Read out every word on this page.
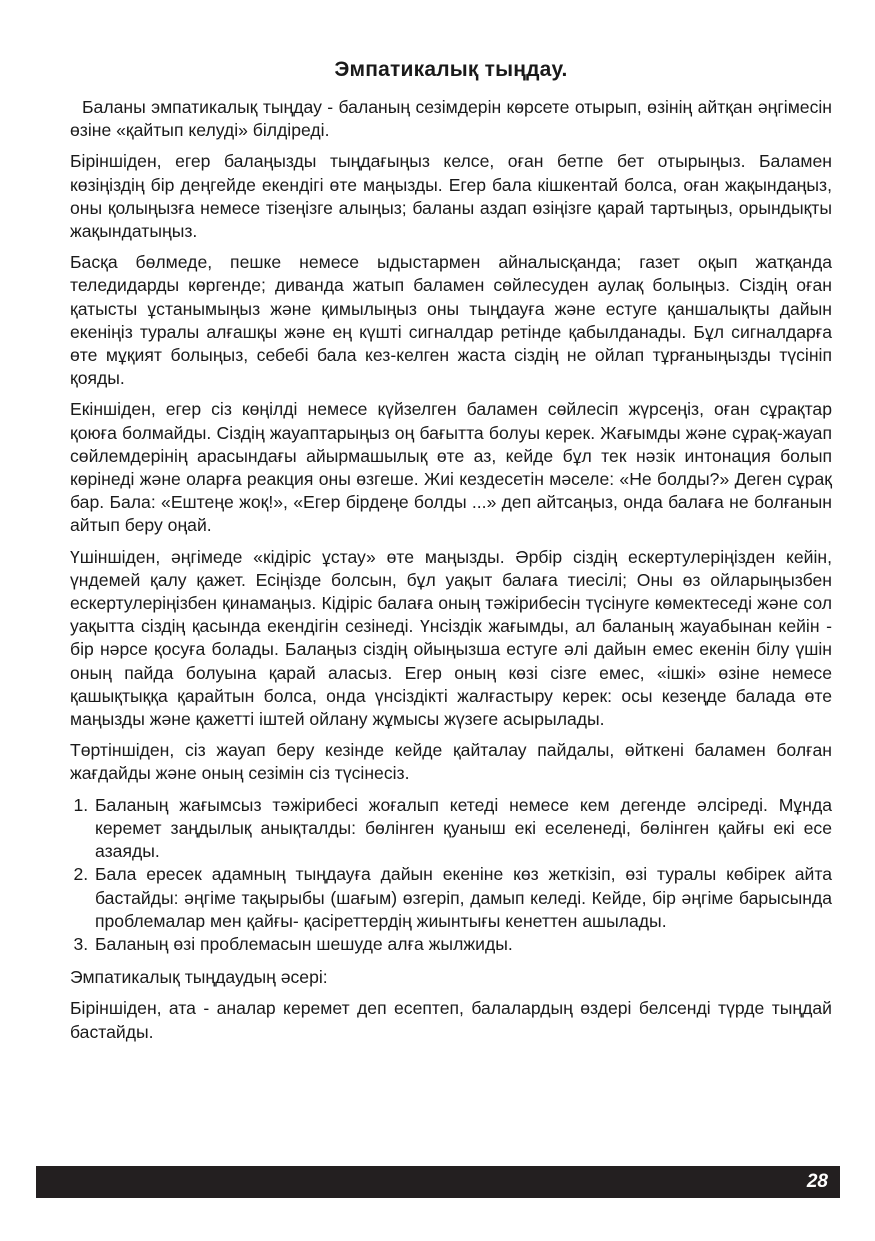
Эмпатикалық тыңдау.

Баланы эмпатикалық тыңдау - баланың сезімдерін көрсете отырып, өзінің айтқан әңгімесін өзіне «қайтып келуді» білдіреді.

Біріншіден, егер балаңызды тыңдағыңыз келсе, оған бетпе бет отырыңыз. Баламен көзіңіздің бір деңгейде екендігі өте маңызды. Егер бала кішкентай болса, оған жақындаңыз, оны қолыңызға немесе тізеңізге алыңыз; баланы аздап өзіңізге қарай тартыңыз, орындықты жақындатыңыз.

Басқа бөлмеде, пешке немесе ыдыстармен айналысқанда; газет оқып жатқанда теледидарды көргенде; диванда жатып баламен сөйлесуден аулақ болыңыз. Сіздің оған қатысты ұстанымыңыз және қимылыңыз оны тыңдауға және естуге қаншалықты дайын екеніңіз туралы алғашқы және ең күшті сигналдар ретінде қабылданады. Бұл сигналдарға өте мұқият болыңыз, себебі бала кез-келген жаста сіздің не ойлап тұрғаныңызды түсініп қояды.

Екіншіден, егер сіз көңілді немесе күйзелген баламен сөйлесіп жүрсеңіз, оған сұрақтар қоюға болмайды. Сіздің жауаптарыңыз оң бағытта болуы керек. Жағымды және сұрақ-жауап сөйлемдерінің арасындағы айырмашылық өте аз, кейде бұл тек нәзік интонация болып көрінеді және оларға реакция оны өзгеше. Жиі кездесетін мәселе: «Не болды?» Деген сұрақ бар. Бала: «Ештеңе жоқ!», «Егер бірдеңе болды ...» деп айтсаңыз, онда балаға не болғанын айтып беру оңай.

Үшіншіден, әңгімеде «кідіріс ұстау» өте маңызды. Әрбір сіздің ескертулеріңізден кейін, үндемей қалу қажет. Есіңізде болсын, бұл уақыт балаға тиесілі; Оны өз ойларыңызбен ескертулеріңізбен қинамаңыз. Кідіріс балаға оның тәжірибесін түсінуге көмектеседі және сол уақытта сіздің қасында екендігін сезінеді. Үнсіздік жағымды, ал баланың жауабынан кейін - бір нәрсе қосуға болады. Балаңыз сіздің ойыңызша естуге әлі дайын емес екенін білу үшін оның пайда болуына қарай аласыз. Егер оның көзі сізге емес, «ішкі» өзіне немесе қашықтыққа қарайтын болса, онда үнсіздікті жалғастыру керек: осы кезеңде балада өте маңызды және қажетті іштей ойлану жұмысы жүзеге асырылады.

Төртіншіден, сіз жауап беру кезінде кейде қайталау пайдалы, өйткені баламен болған жағдайды және оның сезімін сіз түсінесіз.

1. Баланың жағымсыз тәжірибесі жоғалып кетеді немесе кем дегенде әлсіреді. Мұнда керемет заңдылық анықталды: бөлінген қуаныш екі еселенеді, бөлінген қайғы екі есе азаяды.
2. Бала ересек адамның тыңдауға дайын екеніне көз жеткізіп, өзі туралы көбірек айта бастайды: әңгіме тақырыбы (шағым) өзгеріп, дамып келеді. Кейде, бір әңгіме барысында проблемалар мен қайғы- қасіреттердің жиынтығы кенеттен ашылады.
3. Баланың өзі проблемасын шешуде алға жылжиды.

Эмпатикалық тыңдаудың әсері:

Біріншіден, ата - аналар керемет деп есептеп, балалардың өздері белсенді түрде тыңдай бастайды.

28
